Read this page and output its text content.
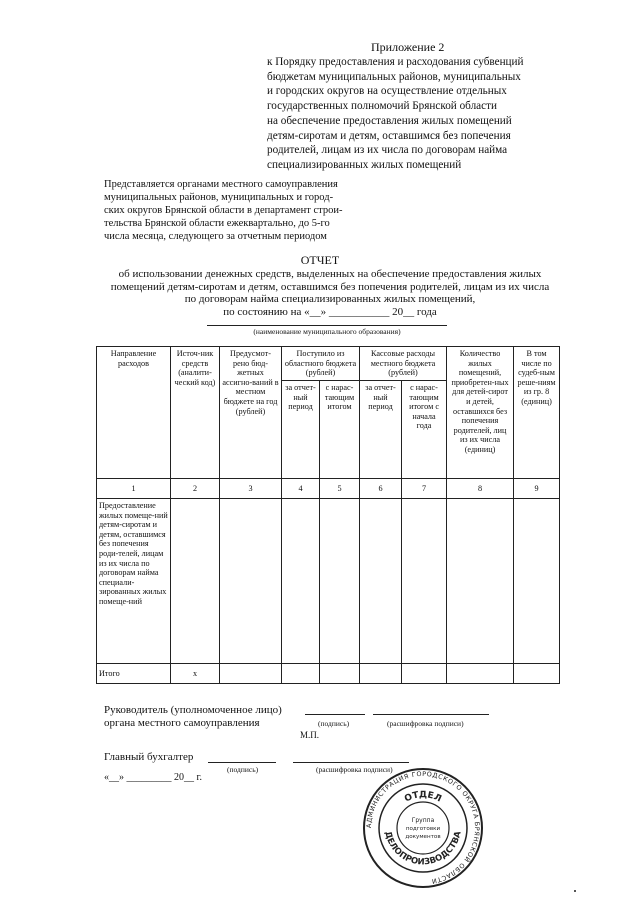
Приложение 2
к Порядку предоставления и расходования субвенций
бюджетам муниципальных районов, муниципальных
и городских округов на осуществление отдельных
государственных полномочий Брянской области
на обеспечение предоставления жилых помещений
детям-сиротам и детям, оставшимся без попечения
родителей, лицам из их числа по договорам найма
специализированных жилых помещений
Представляется органами местного самоуправления
муниципальных районов, муниципальных и город-
ских округов Брянской области в департамент строи-
тельства Брянской области ежеквартально, до 5-го
числа месяца, следующего за отчетным периодом
ОТЧЕТ
об использовании денежных средств, выделенных на обеспечение предоставления жилых
помещений детям-сиротам и детям, оставшимся без попечения родителей, лицам из их числа
по договорам найма специализированных жилых помещений,
по состоянию на «__» ___________ 20__ года
(наименование муниципального образования)
Направление расходов	Источ-ник средств (аналити-ческий код)	Предусмот-рено бюд-жетных ассигно-ваний в местном бюджете на год (рублей)	Поступило из областного бюджета (рублей)		Кассовые расходы местного бюджета (рублей)		Количество жилых помещений, приобретен-ных для детей-сирот и детей, оставшихся без попечения родителей, лиц из их числа (единиц)	В том числе по судеб-ным реше-ниям из гр. 8 (единиц)
			за отчет-ный период	с нарас-тающим итогом	за отчет-ный период	с нарас-тающим итогом с начала года		
1	2	3	4	5	6	7	8	9
Предоставление жилых помеще-ний детям-сиротам и детям, оставшимся без попечения роди-телей, лицам из их числа по договорам найма специали-зированных жилых помеще-ний								
Итого	х							
Руководитель (уполномоченное лицо)
органа местного самоуправления	(подпись)	(расшифровка подписи)
М.П.
Главный бухгалтер
(подпись)	(расшифровка подписи)
«__» _________ 20__ г.
АДМИНИСТРАЦИЯ ГОРОДСКОГО ОКРУГА БРЯНСКОЙ ОБЛАСТИ
ОТДЕЛ
ДЕЛОПРОИЗВОДСТВА
Группа
подготовки
документов
